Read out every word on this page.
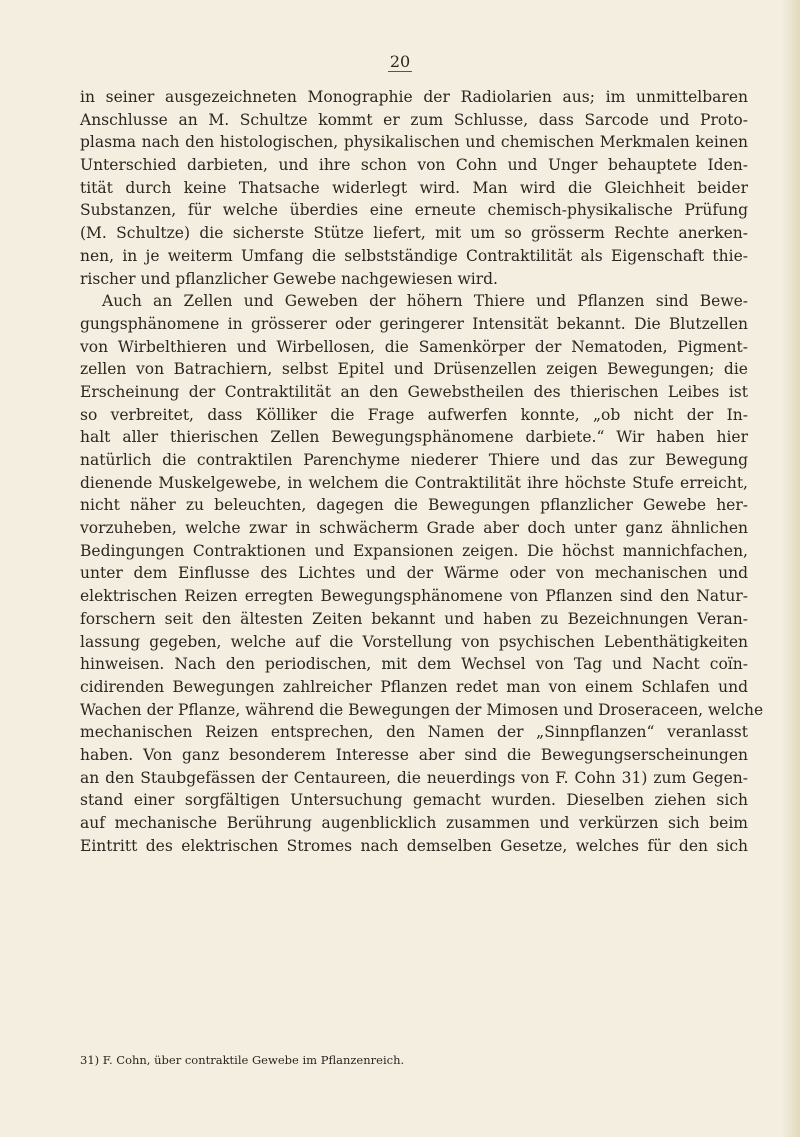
20
in seiner ausgezeichneten Monographie der Radiolarien aus; im unmittelbaren
Anschlusse an M. Schultze kommt er zum Schlusse, dass Sarcode und Proto-
plasma nach den histologischen, physikalischen und chemischen Merkmalen keinen
Unterschied darbieten, und ihre schon von Cohn und Unger behauptete Iden-
tität durch keine Thatsache widerlegt wird. Man wird die Gleichheit beider
Substanzen, für welche überdies eine erneute chemisch-physikalische Prüfung
(M. Schultze) die sicherste Stütze liefert, mit um so grösserm Rechte anerken-
nen, in je weiterm Umfang die selbstständige Contraktilität als Eigenschaft thie-
rischer und pflanzlicher Gewebe nachgewiesen wird.
Auch an Zellen und Geweben der höhern Thiere und Pflanzen sind Bewe-
gungsphänomene in grösserer oder geringerer Intensität bekannt. Die Blutzellen
von Wirbelthieren und Wirbellosen, die Samenkörper der Nematoden, Pigment-
zellen von Batrachiern, selbst Epitel und Drüsenzellen zeigen Bewegungen; die
Erscheinung der Contraktilität an den Gewebstheilen des thierischen Leibes ist
so verbreitet, dass Kölliker die Frage aufwerfen konnte, „ob nicht der In-
halt aller thierischen Zellen Bewegungsphänomene darbiete.“ Wir haben hier
natürlich die contraktilen Parenchyme niederer Thiere und das zur Bewegung
dienende Muskelgewebe, in welchem die Contraktilität ihre höchste Stufe erreicht,
nicht näher zu beleuchten, dagegen die Bewegungen pflanzlicher Gewebe her-
vorzuheben, welche zwar in schwächerm Grade aber doch unter ganz ähnlichen
Bedingungen Contraktionen und Expansionen zeigen. Die höchst mannichfachen,
unter dem Einflusse des Lichtes und der Wärme oder von mechanischen und
elektrischen Reizen erregten Bewegungsphänomene von Pflanzen sind den Natur-
forschern seit den ältesten Zeiten bekannt und haben zu Bezeichnungen Veran-
lassung gegeben, welche auf die Vorstellung von psychischen Lebenthätigkeiten
hinweisen. Nach den periodischen, mit dem Wechsel von Tag und Nacht coïn-
cidirenden Bewegungen zahlreicher Pflanzen redet man von einem Schlafen und
Wachen der Pflanze, während die Bewegungen der Mimosen und Droseraceen, welche
mechanischen Reizen entsprechen, den Namen der „Sinnpflanzen“ veranlasst
haben. Von ganz besonderem Interesse aber sind die Bewegungserscheinungen
an den Staubgefässen der Centaureen, die neuerdings von F. Cohn 31) zum Gegen-
stand einer sorgfältigen Untersuchung gemacht wurden. Dieselben ziehen sich
auf mechanische Berührung augenblicklich zusammen und verkürzen sich beim
Eintritt des elektrischen Stromes nach demselben Gesetze, welches für den sich
31) F. Cohn, über contraktile Gewebe im Pflanzenreich.
